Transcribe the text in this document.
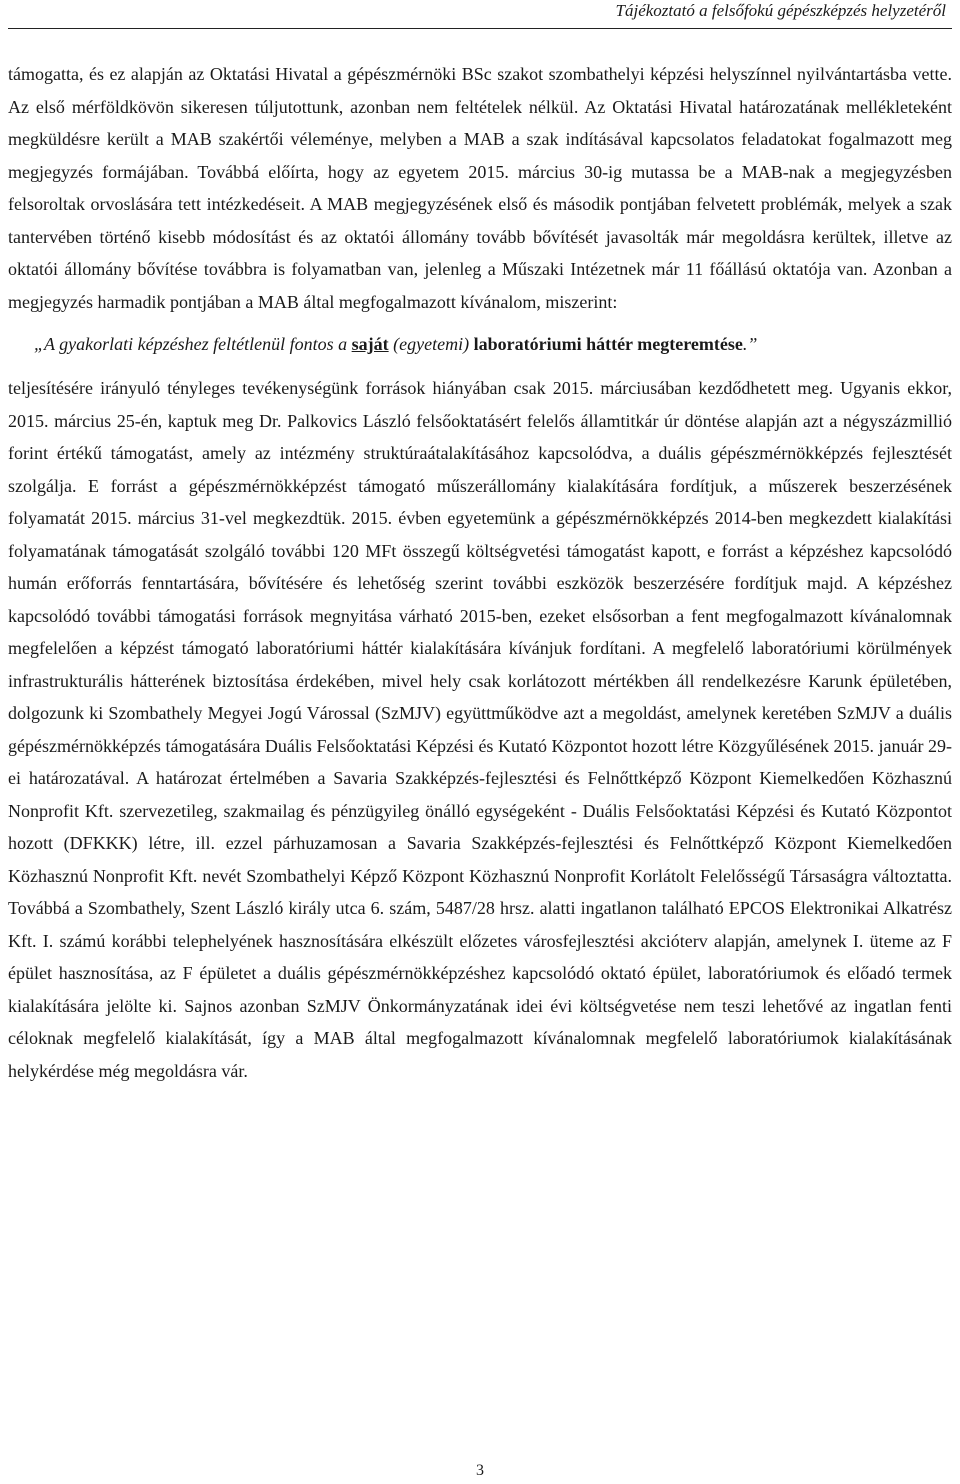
Tájékoztató a felsőfokú gépészképzés helyzetéről

támogatta, és ez alapján az Oktatási Hivatal a gépészmérnöki BSc szakot szombathelyi képzési helyszínnel nyilvántartásba vette. Az első mérföldkövön sikeresen túljutottunk, azonban nem feltételek nélkül. Az Oktatási Hivatal határozatának mellékleteként megküldésre került a MAB szakértői véleménye, melyben a MAB a szak indításával kapcsolatos feladatokat fogalmazott meg megjegyzés formájában. Továbbá előírta, hogy az egyetem 2015. március 30-ig mutassa be a MAB-nak a megjegyzésben felsoroltak orvoslására tett intézkedéseit. A MAB megjegyzésének első és második pontjában felvetett problémák, melyek a szak tantervében történő kisebb módosítást és az oktatói állomány tovább bővítését javasolták már megoldásra kerültek, illetve az oktatói állomány bővítése továbbra is folyamatban van, jelenleg a Műszaki Intézetnek már 11 főállású oktatója van. Azonban a megjegyzés harmadik pontjában a MAB által megfogalmazott kívánalom, miszerint:

„A gyakorlati képzéshez feltétlenül fontos a saját (egyetemi) laboratóriumi háttér megteremtése.”

teljesítésére irányuló tényleges tevékenységünk források hiányában csak 2015. márciusában kezdődhetett meg. Ugyanis ekkor, 2015. március 25-én, kaptuk meg Dr. Palkovics László felsőoktatásért felelős államtitkár úr döntése alapján azt a négyszázmillió forint értékű támogatást, amely az intézmény struktúraátalakításához kapcsolódva, a duális gépészmérnökképzés fejlesztését szolgálja. E forrást a gépészmérnökképzést támogató műszerállomány kialakítására fordítjuk, a műszerek beszerzésének folyamatát 2015. március 31-vel megkezdtük. 2015. évben egyetemünk a gépészmérnökképzés 2014-ben megkezdett kialakítási folyamatának támogatását szolgáló további 120 MFt összegű költségvetési támogatást kapott, e forrást a képzéshez kapcsolódó humán erőforrás fenntartására, bővítésére és lehetőség szerint további eszközök beszerzésére fordítjuk majd. A képzéshez kapcsolódó további támogatási források megnyitása várható 2015-ben, ezeket elsősorban a fent megfogalmazott kívánalomnak megfelelően a képzést támogató laboratóriumi háttér kialakítására kívánjuk fordítani. A megfelelő laboratóriumi körülmények infrastrukturális hátterének biztosítása érdekében, mivel hely csak korlátozott mértékben áll rendelkezésre Karunk épületében, dolgozunk ki Szombathely Megyei Jogú Várossal (SzMJV) együttműködve azt a megoldást, amelynek keretében SzMJV a duális gépészmérnökképzés támogatására Duális Felsőoktatási Képzési és Kutató Központot hozott létre Közgyűlésének 2015. január 29-ei határozatával. A határozat értelmében a Savaria Szakképzés-fejlesztési és Felnőttképző Központ Kiemelkedően Közhasznú Nonprofit Kft. szervezetileg, szakmailag és pénzügyileg önálló egységeként - Duális Felsőoktatási Képzési és Kutató Központot hozott (DFKKK) létre, ill. ezzel párhuzamosan a Savaria Szakképzés-fejlesztési és Felnőttképző Központ Kiemelkedően Közhasznú Nonprofit Kft. nevét Szombathelyi Képző Központ Közhasznú Nonprofit Korlátolt Felelősségű Társaságra változtatta. Továbbá a Szombathely, Szent László király utca 6. szám, 5487/28 hrsz. alatti ingatlanon található EPCOS Elektronikai Alkatrész Kft. I. számú korábbi telephelyének hasznosítására elkészült előzetes városfejlesztési akcióterv alapján, amelynek I. üteme az F épület hasznosítása, az F épületet a duális gépészmérnökképzéshez kapcsolódó oktató épület, laboratóriumok és előadó termek kialakítására jelölte ki. Sajnos azonban SzMJV Önkormányzatának idei évi költségvetése nem teszi lehetővé az ingatlan fenti céloknak megfelelő kialakítását, így a MAB által megfogalmazott kívánalomnak megfelelő laboratóriumok kialakításának helykérdése még megoldásra vár.

3
